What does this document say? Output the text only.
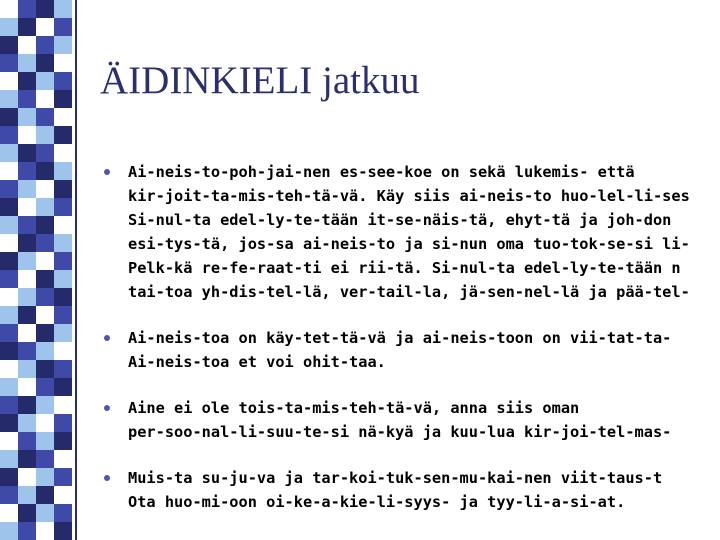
ÄIDINKIELI jatkuu
Ai-neis-to-poh-jai-nen es-see-koe on sekä lukemis- että
kir-joit-ta-mis-teh-tä-vä. Käy siis ai-neis-to huo-lel-li-ses
Si-nul-ta edel-ly-te-tään it-se-näis-tä, ehyt-tä ja joh-don
esi-tys-tä, jos-sa ai-neis-to ja si-nun oma tuo-tok-se-si li-
Pelk-kä re-fe-raat-ti ei rii-tä. Si-nul-ta edel-ly-te-tään n
tai-toa yh-dis-tel-lä, ver-tail-la, jä-sen-nel-lä ja pää-tel-
Ai-neis-toa on käy-tet-tä-vä ja ai-neis-toon on vii-tat-ta-
Ai-neis-toa et voi ohit-taa.
Aine ei ole tois-ta-mis-teh-tä-vä, anna siis oman
per-soo-nal-li-suu-te-si nä-kyä ja kuu-lua kir-joi-tel-mas-
Muis-ta su-ju-va ja tar-koi-tuk-sen-mu-kai-nen viit-taus-t
Ota huo-mi-oon oi-ke-a-kie-li-syys- ja tyy-li-a-si-at.
